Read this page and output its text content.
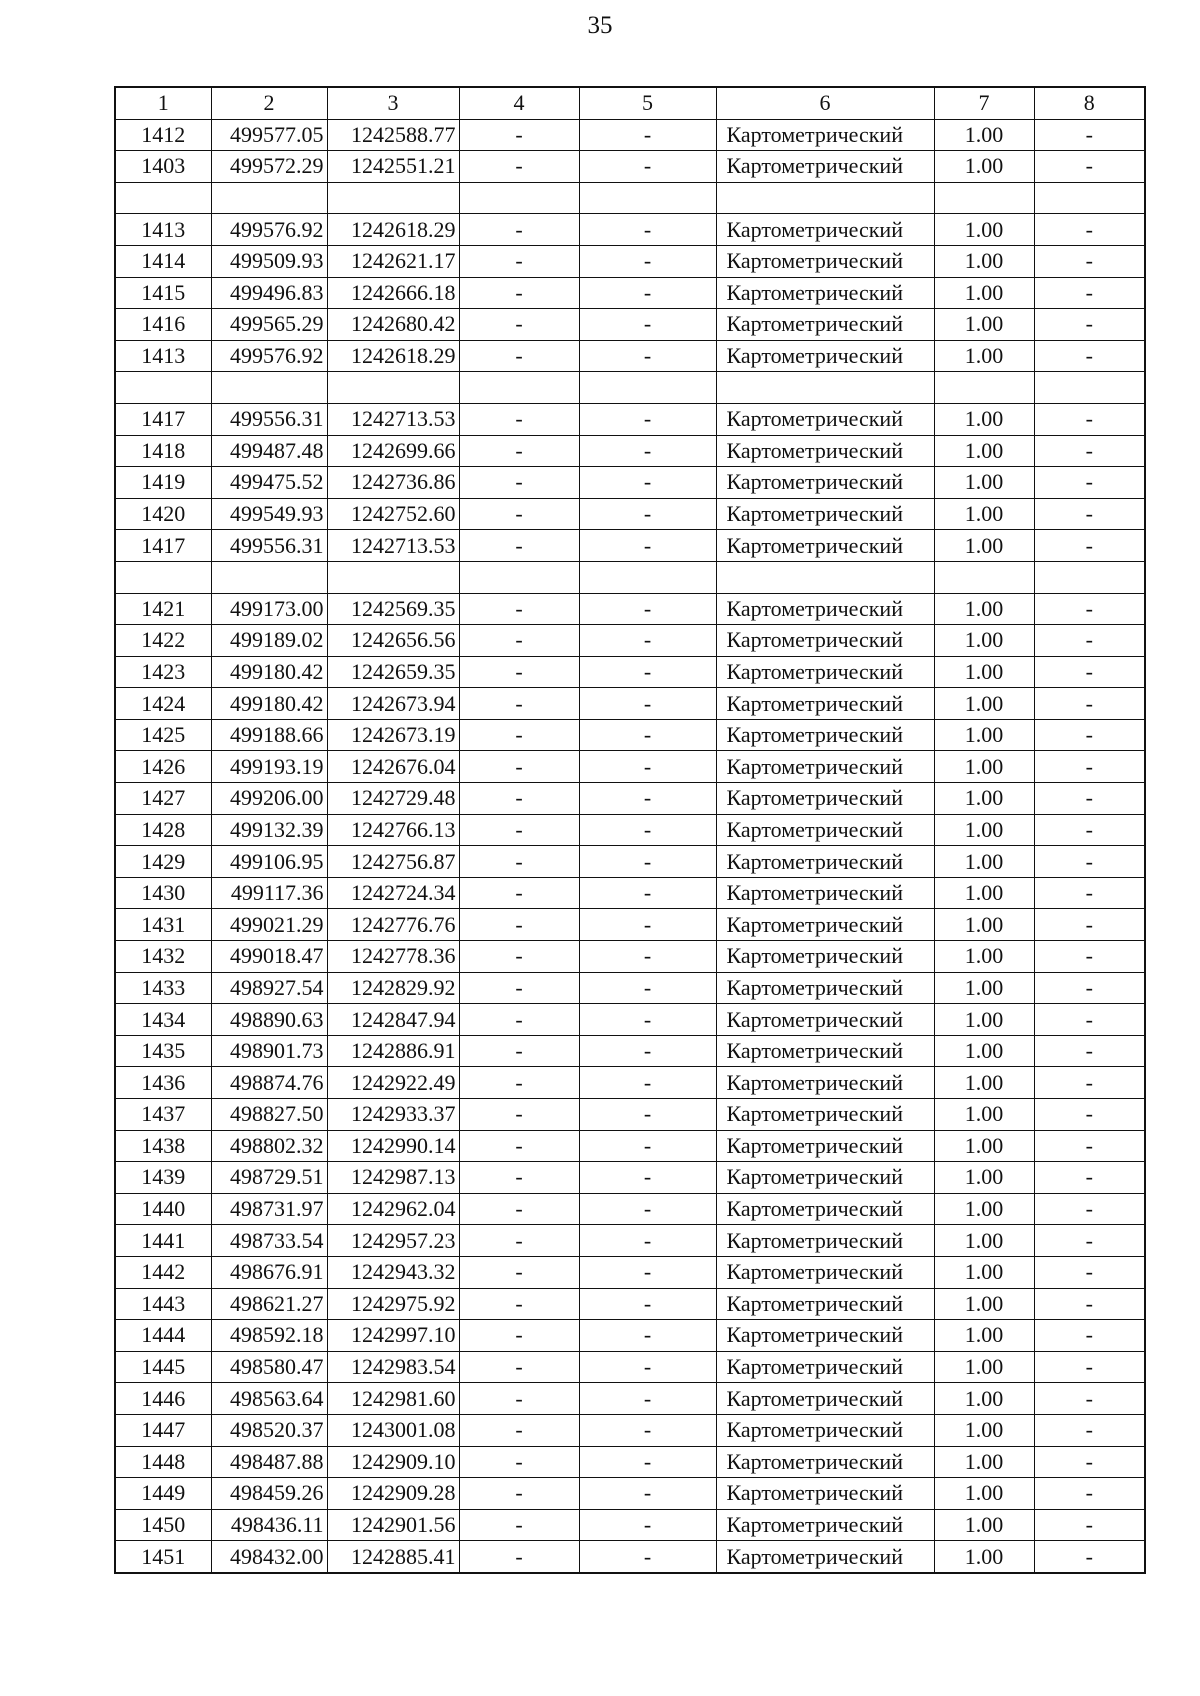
35
1	2	3	4	5	6	7	8
1412	499577.05	1242588.77	-	-	Картометрический	1.00	-
1403	499572.29	1242551.21	-	-	Картометрический	1.00	-

1413	499576.92	1242618.29	-	-	Картометрический	1.00	-
1414	499509.93	1242621.17	-	-	Картометрический	1.00	-
1415	499496.83	1242666.18	-	-	Картометрический	1.00	-
1416	499565.29	1242680.42	-	-	Картометрический	1.00	-
1413	499576.92	1242618.29	-	-	Картометрический	1.00	-

1417	499556.31	1242713.53	-	-	Картометрический	1.00	-
1418	499487.48	1242699.66	-	-	Картометрический	1.00	-
1419	499475.52	1242736.86	-	-	Картометрический	1.00	-
1420	499549.93	1242752.60	-	-	Картометрический	1.00	-
1417	499556.31	1242713.53	-	-	Картометрический	1.00	-

1421	499173.00	1242569.35	-	-	Картометрический	1.00	-
1422	499189.02	1242656.56	-	-	Картометрический	1.00	-
1423	499180.42	1242659.35	-	-	Картометрический	1.00	-
1424	499180.42	1242673.94	-	-	Картометрический	1.00	-
1425	499188.66	1242673.19	-	-	Картометрический	1.00	-
1426	499193.19	1242676.04	-	-	Картометрический	1.00	-
1427	499206.00	1242729.48	-	-	Картометрический	1.00	-
1428	499132.39	1242766.13	-	-	Картометрический	1.00	-
1429	499106.95	1242756.87	-	-	Картометрический	1.00	-
1430	499117.36	1242724.34	-	-	Картометрический	1.00	-
1431	499021.29	1242776.76	-	-	Картометрический	1.00	-
1432	499018.47	1242778.36	-	-	Картометрический	1.00	-
1433	498927.54	1242829.92	-	-	Картометрический	1.00	-
1434	498890.63	1242847.94	-	-	Картометрический	1.00	-
1435	498901.73	1242886.91	-	-	Картометрический	1.00	-
1436	498874.76	1242922.49	-	-	Картометрический	1.00	-
1437	498827.50	1242933.37	-	-	Картометрический	1.00	-
1438	498802.32	1242990.14	-	-	Картометрический	1.00	-
1439	498729.51	1242987.13	-	-	Картометрический	1.00	-
1440	498731.97	1242962.04	-	-	Картометрический	1.00	-
1441	498733.54	1242957.23	-	-	Картометрический	1.00	-
1442	498676.91	1242943.32	-	-	Картометрический	1.00	-
1443	498621.27	1242975.92	-	-	Картометрический	1.00	-
1444	498592.18	1242997.10	-	-	Картометрический	1.00	-
1445	498580.47	1242983.54	-	-	Картометрический	1.00	-
1446	498563.64	1242981.60	-	-	Картометрический	1.00	-
1447	498520.37	1243001.08	-	-	Картометрический	1.00	-
1448	498487.88	1242909.10	-	-	Картометрический	1.00	-
1449	498459.26	1242909.28	-	-	Картометрический	1.00	-
1450	498436.11	1242901.56	-	-	Картометрический	1.00	-
1451	498432.00	1242885.41	-	-	Картометрический	1.00	-
